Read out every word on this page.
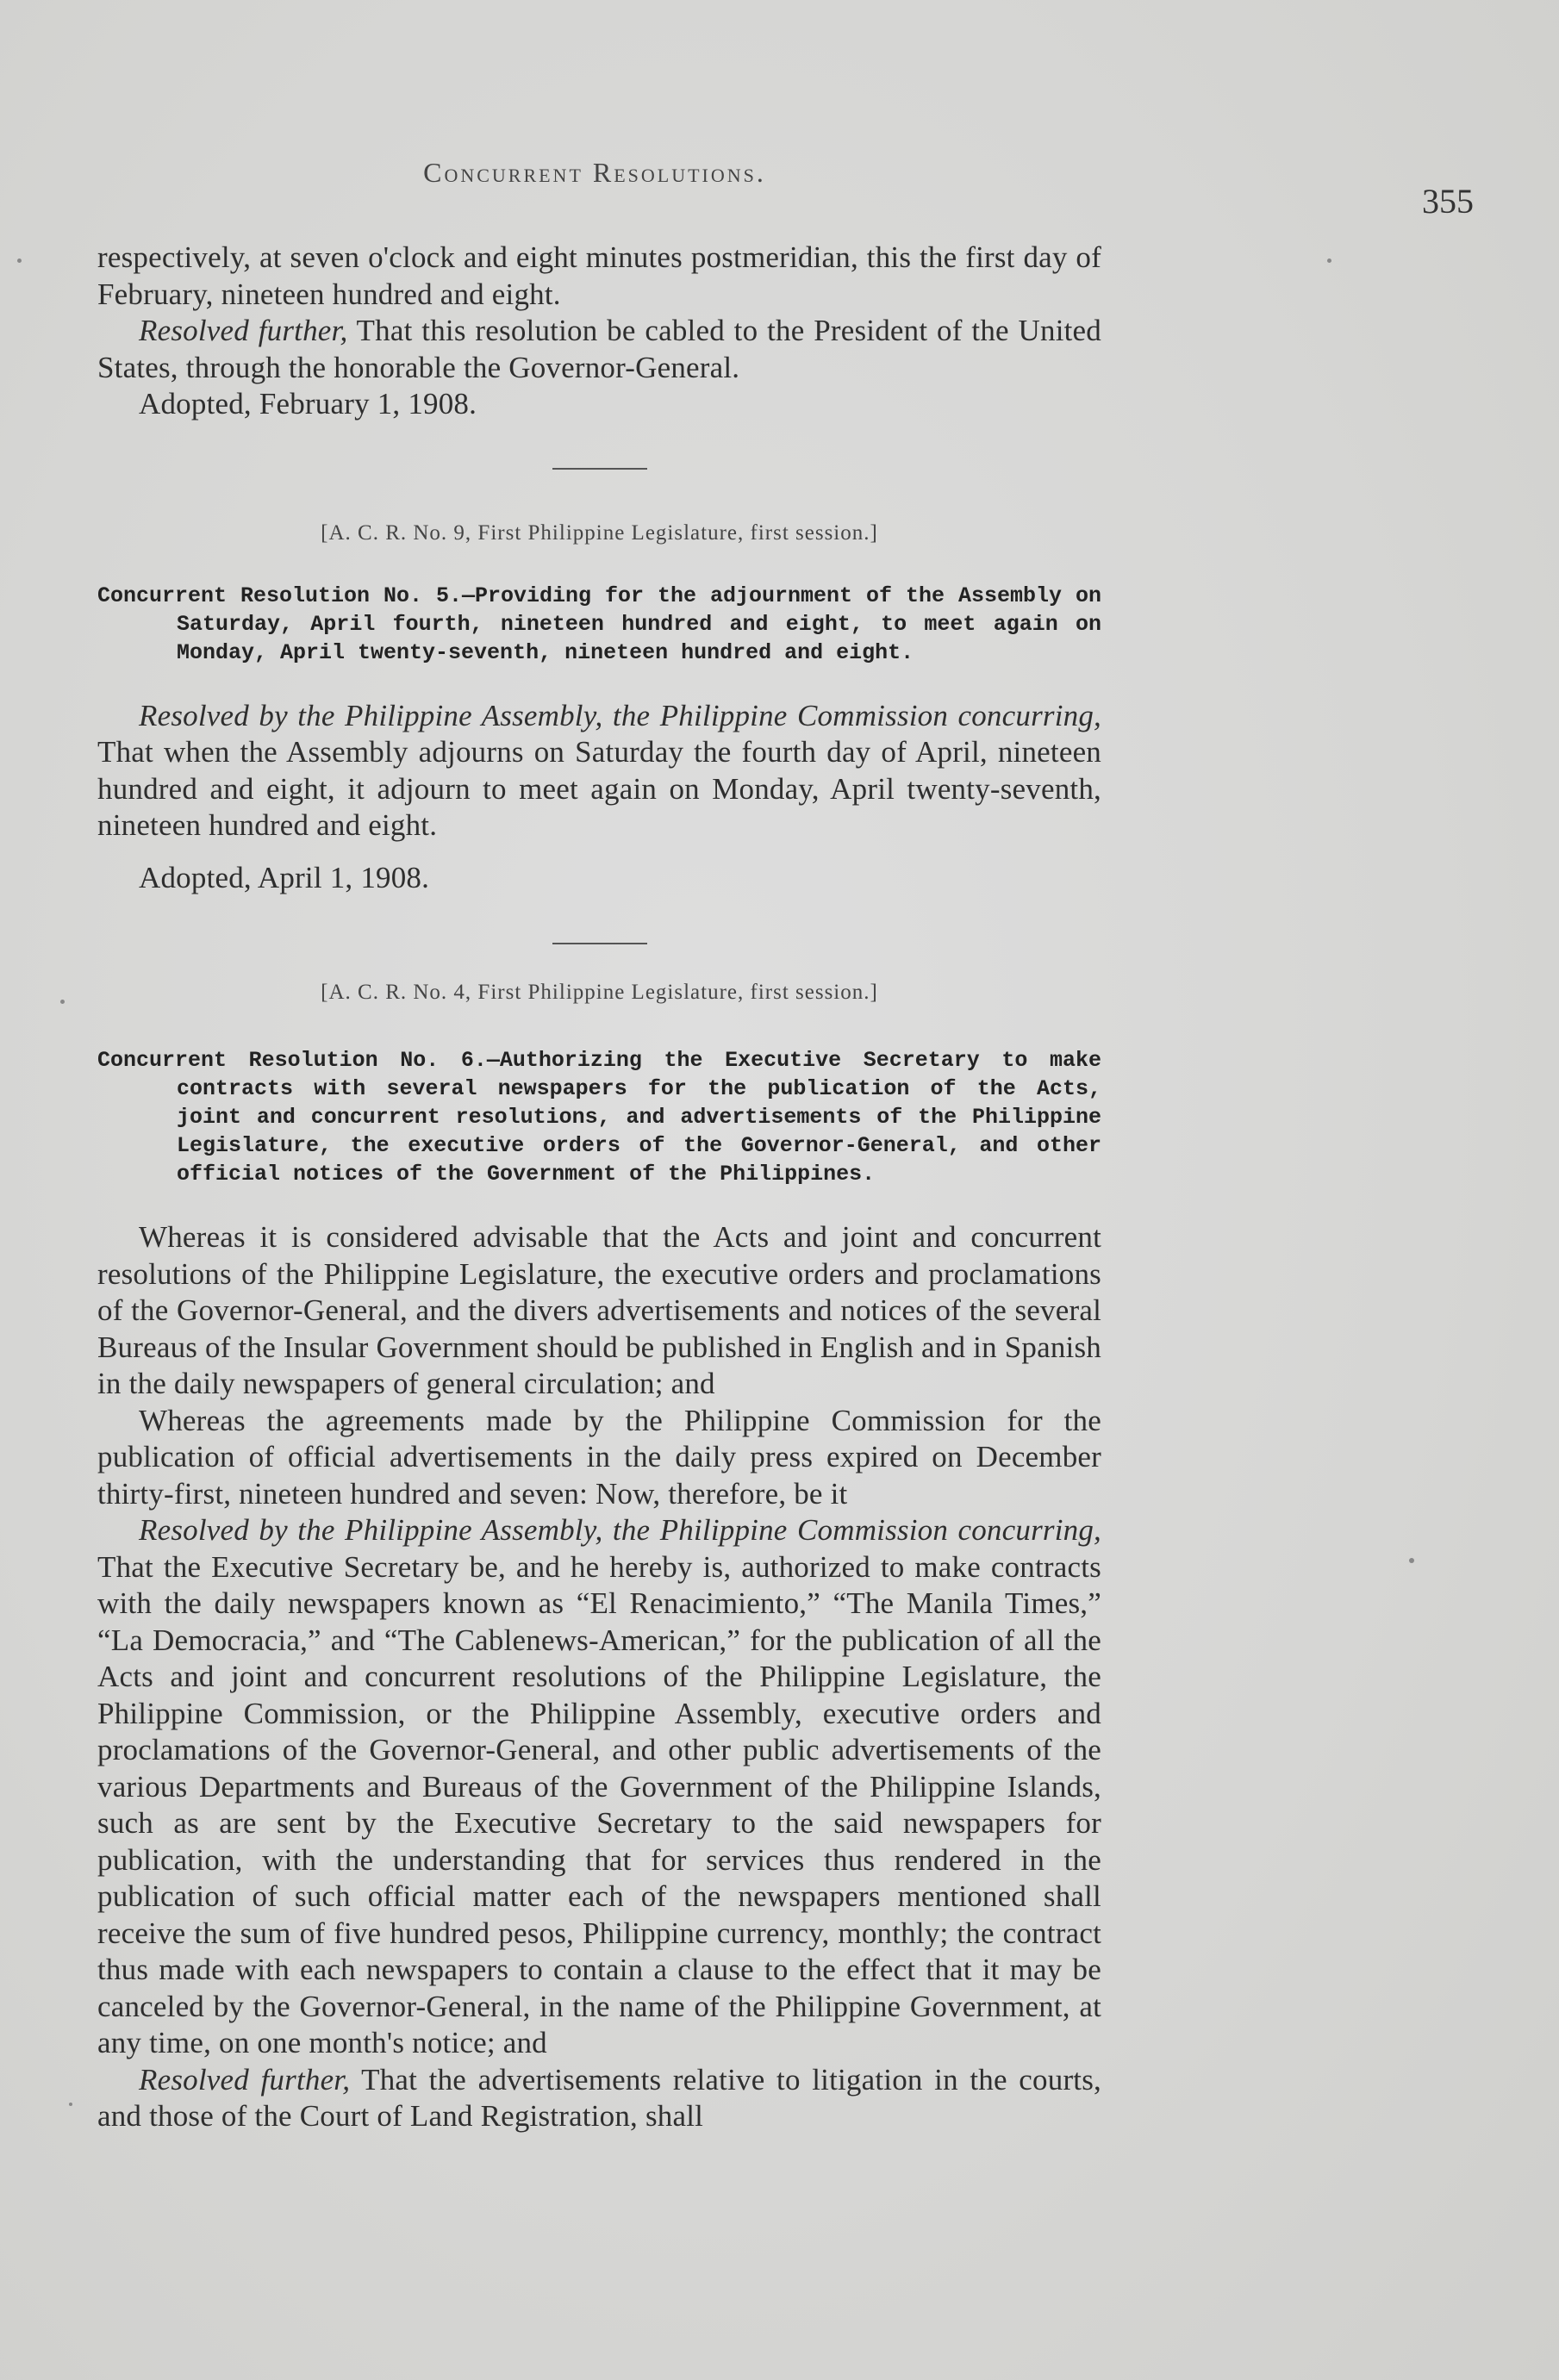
Concurrent Resolutions.
355

respectively, at seven o'clock and eight minutes postmeridian, this the first day of February, nineteen hundred and eight.

Resolved further, That this resolution be cabled to the President of the United States, through the honorable the Governor-General.

Adopted, February 1, 1908.

[A. C. R. No. 9, First Philippine Legislature, first session.]
Concurrent Resolution No. 5.—Providing for the adjournment of the Assembly on Saturday, April fourth, nineteen hundred and eight, to meet again on Monday, April twenty-seventh, nineteen hundred and eight.

Resolved by the Philippine Assembly, the Philippine Commission concurring, That when the Assembly adjourns on Saturday the fourth day of April, nineteen hundred and eight, it adjourn to meet again on Monday, April twenty-seventh, nineteen hundred and eight.

Adopted, April 1, 1908.

[A. C. R. No. 4, First Philippine Legislature, first session.]
Concurrent Resolution No. 6.—Authorizing the Executive Secretary to make contracts with several newspapers for the publication of the Acts, joint and concurrent resolutions, and advertisements of the Philippine Legislature, the executive orders of the Governor-General, and other official notices of the Government of the Philippines.

Whereas it is considered advisable that the Acts and joint and concurrent resolutions of the Philippine Legislature, the executive orders and proclamations of the Governor-General, and the divers advertisements and notices of the several Bureaus of the Insular Government should be published in English and in Spanish in the daily newspapers of general circulation; and

Whereas the agreements made by the Philippine Commission for the publication of official advertisements in the daily press expired on December thirty-first, nineteen hundred and seven: Now, therefore, be it

Resolved by the Philippine Assembly, the Philippine Commission concurring, That the Executive Secretary be, and he hereby is, authorized to make contracts with the daily newspapers known as “El Renacimiento,” “The Manila Times,” “La Democracia,” and “The Cablenews-American,” for the publication of all the Acts and joint and concurrent resolutions of the Philippine Legislature, the Philippine Commission, or the Philippine Assembly, executive orders and proclamations of the Governor-General, and other public advertisements of the various Departments and Bureaus of the Government of the Philippine Islands, such as are sent by the Executive Secretary to the said newspapers for publication, with the understanding that for services thus rendered in the publication of such official matter each of the newspapers mentioned shall receive the sum of five hundred pesos, Philippine currency, monthly; the contract thus made with each newspapers to contain a clause to the effect that it may be canceled by the Governor-General, in the name of the Philippine Government, at any time, on one month's notice; and

Resolved further, That the advertisements relative to litigation in the courts, and those of the Court of Land Registration, shall
